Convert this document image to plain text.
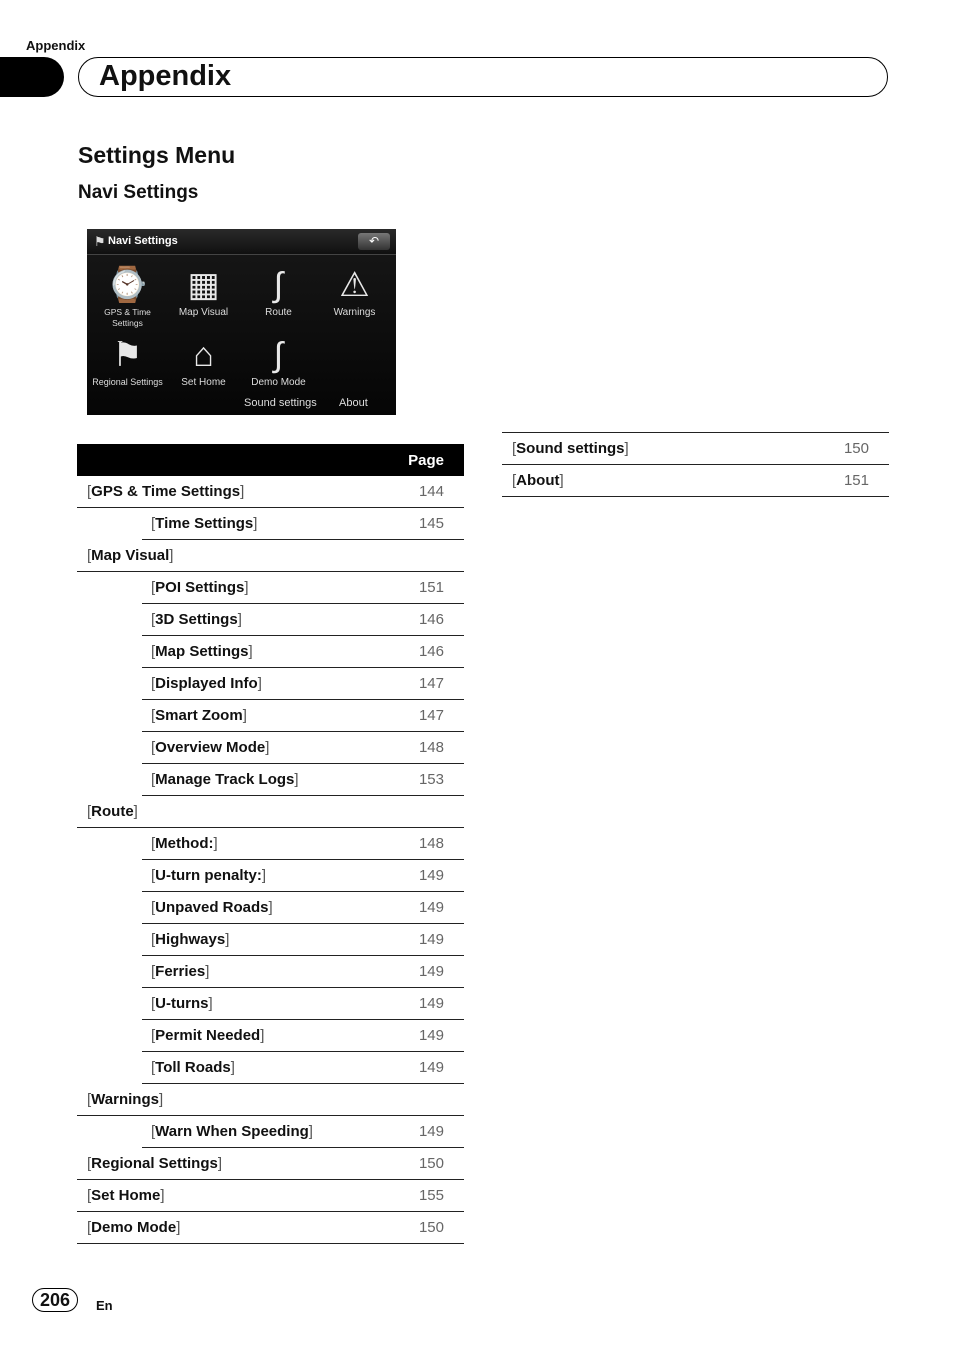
Appendix
Appendix
Settings Menu
Navi Settings
⚑ Navi Settings	↶
⌚
GPS & Time Settings
▦
Map Visual
∫
Route
⚠
Warnings
⚑
Regional Settings
⌂
Set Home
∫
Demo Mode
Sound settings About
		Page
[GPS & Time Settings]		144
	[Time Settings]	145
[Map Visual]		
	[POI Settings]	151
	[3D Settings]	146
	[Map Settings]	146
	[Displayed Info]	147
	[Smart Zoom]	147
	[Overview Mode]	148
	[Manage Track Logs]	153
[Route]		
	[Method:]	148
	[U-turn penalty:]	149
	[Unpaved Roads]	149
	[Highways]	149
	[Ferries]	149
	[U-turns]	149
	[Permit Needed]	149
	[Toll Roads]	149
[Warnings]		
	[Warn When Speeding]	149
[Regional Settings]		150
[Set Home]		155
[Demo Mode]		150
[Sound settings]	150
[About]	151
206	En
